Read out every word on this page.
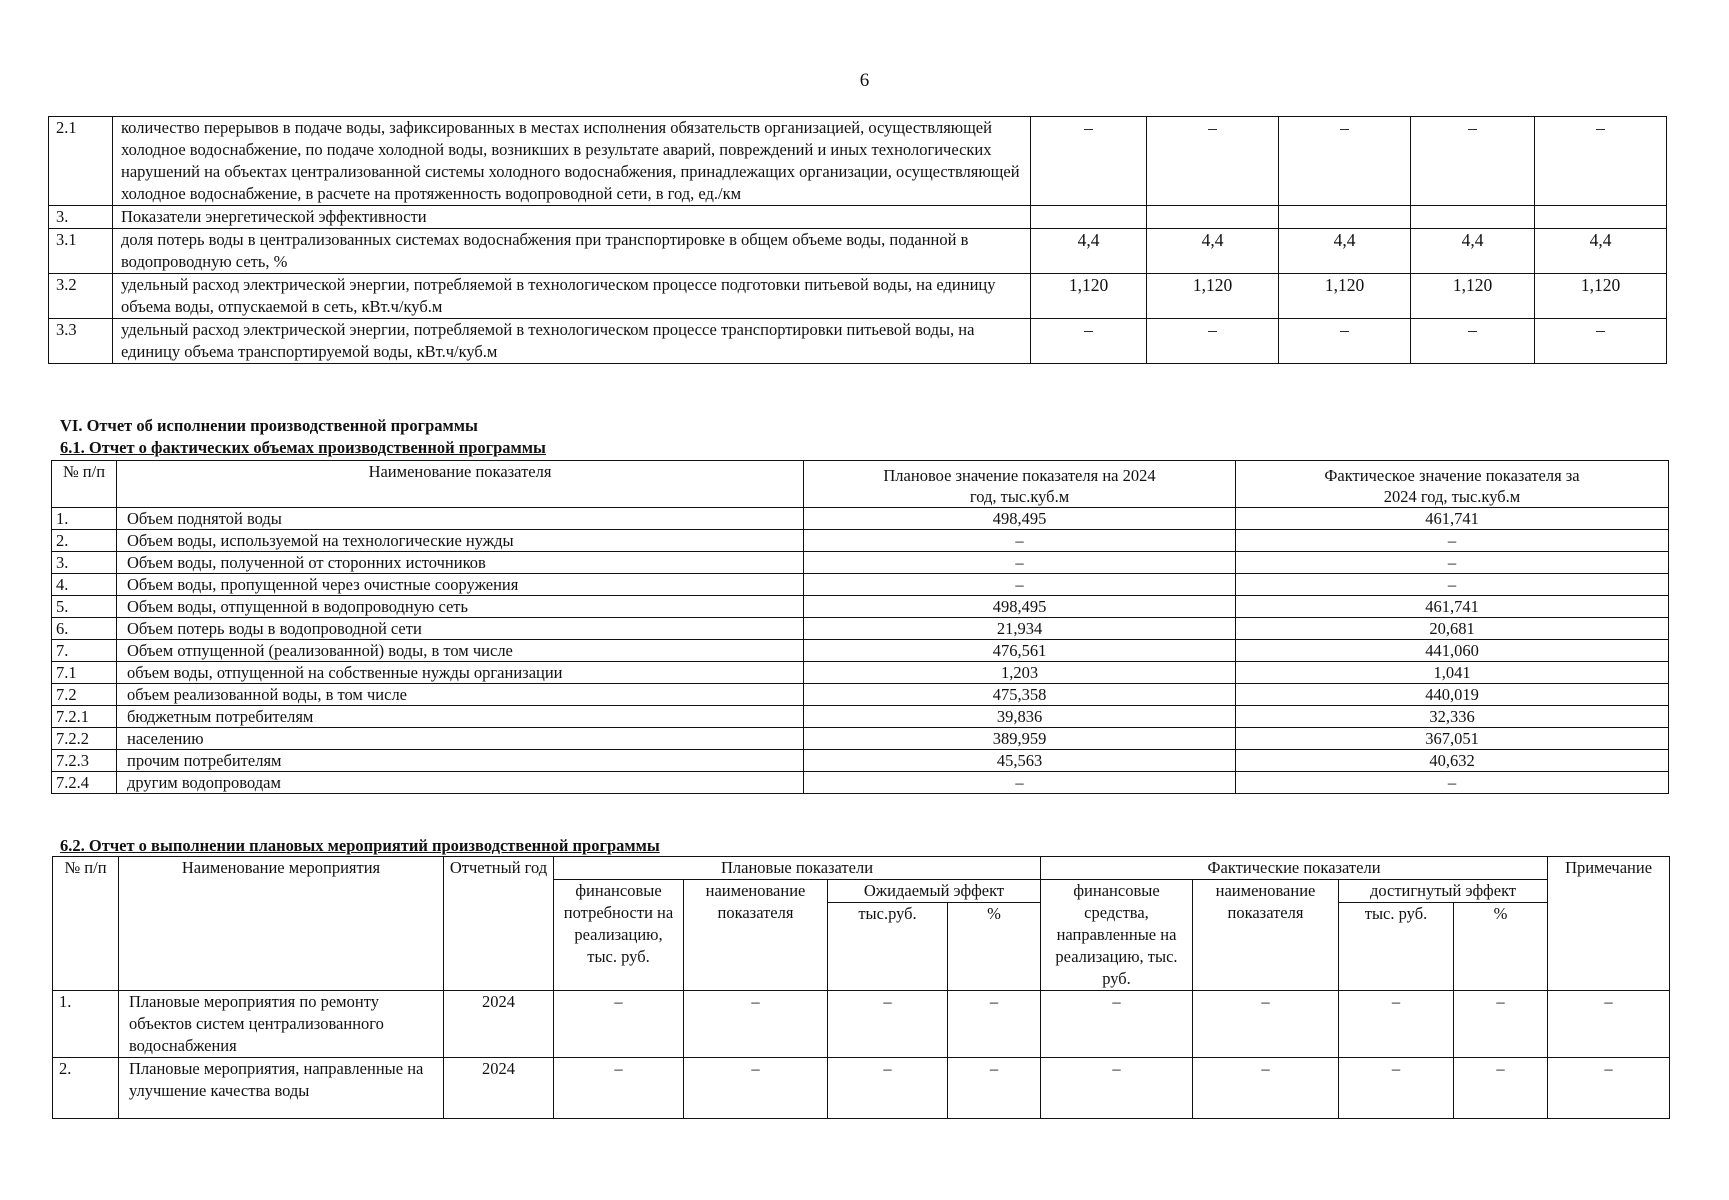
6
2.1	количество перерывов в подаче воды, зафиксированных в местах исполнения обязательств организацией, осуществляющей холодное водоснабжение, по подаче холодной воды, возникших в результате аварий, повреждений и иных технологических нарушений на объектах централизованной системы холодного водоснабжения, принадлежащих организации, осуществляющей холодное водоснабжение, в расчете на протяженность водопроводной сети, в год, ед./км	–	–	–	–	–
3.	Показатели энергетической эффективности					
3.1	доля потерь воды в централизованных системах водоснабжения при транспортировке в общем объеме воды, поданной в водопроводную сеть, %	4,4	4,4	4,4	4,4	4,4
3.2	удельный расход электрической энергии, потребляемой в технологическом процессе подготовки питьевой воды, на единицу объема воды, отпускаемой в сеть, кВт.ч/куб.м	1,120	1,120	1,120	1,120	1,120
3.3	удельный расход электрической энергии, потребляемой в технологическом процессе транспортировки питьевой воды, на единицу объема транспортируемой воды, кВт.ч/куб.м	–	–	–	–	–
VI. Отчет об исполнении производственной программы
6.1. Отчет о фактических объемах производственной программы
№ п/п	Наименование показателя	Плановое значение показателя на 2024 год, тыс.куб.м	Фактическое значение показателя за 2024 год, тыс.куб.м
1.	Объем поднятой воды	498,495	461,741
2.	Объем воды, используемой на технологические нужды	–	–
3.	Объем воды, полученной от сторонних источников	–	–
4.	Объем воды, пропущенной через очистные сооружения	–	–
5.	Объем воды, отпущенной в водопроводную сеть	498,495	461,741
6.	Объем потерь воды в водопроводной сети	21,934	20,681
7.	Объем отпущенной (реализованной) воды, в том числе	476,561	441,060
7.1	объем воды, отпущенной на собственные нужды организации	1,203	1,041
7.2	объем реализованной воды, в том числе	475,358	440,019
7.2.1	бюджетным потребителям	39,836	32,336
7.2.2	населению	389,959	367,051
7.2.3	прочим потребителям	45,563	40,632
7.2.4	другим водопроводам	–	–
6.2. Отчет о выполнении плановых мероприятий производственной программы
№ п/п	Наименование мероприятия	Отчетный год	Плановые показатели				Фактические показатели				Примечание
			финансовые потребности на реализацию, тыс. руб.	наименование показателя	Ожидаемый эффект		финансовые средства, направленные на реализацию, тыс. руб.	наименование показателя	достигнутый эффект		
					тыс.руб.	%			тыс. руб.	%	
1.	Плановые мероприятия по ремонту объектов систем централизованного водоснабжения	2024	–	–	–	–	–	–	–	–	–
2.	Плановые мероприятия, направленные на улучшение качества воды	2024	–	–	–	–	–	–	–	–	–
